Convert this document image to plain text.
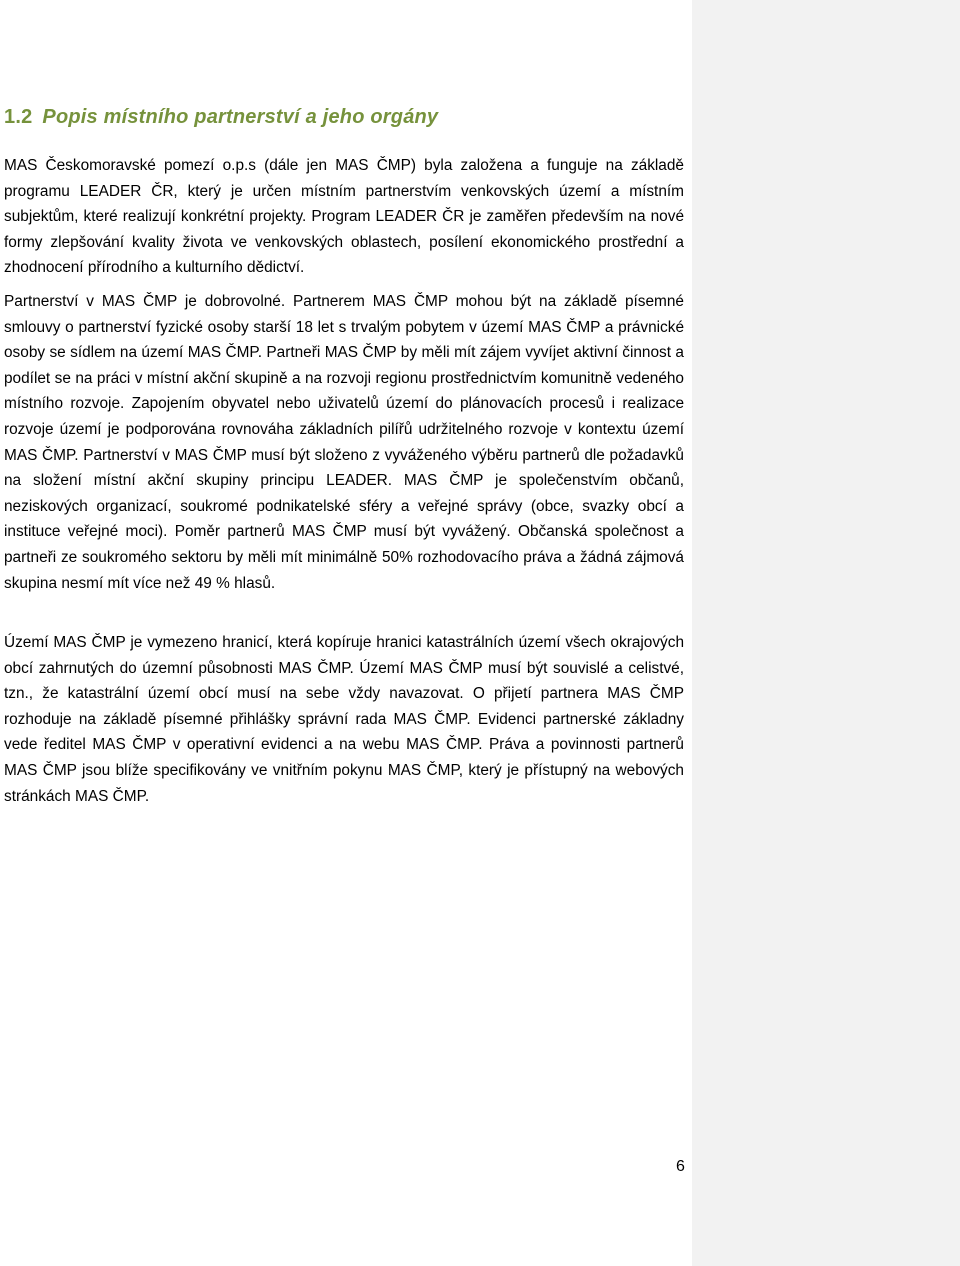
1.2 Popis místního partnerství a jeho orgány

MAS Českomoravské pomezí o.p.s (dále jen MAS ČMP) byla založena a funguje na základě programu LEADER ČR, který je určen místním partnerstvím venkovských území a místním subjektům, které realizují konkrétní projekty. Program LEADER ČR je zaměřen především na nové formy zlepšování kvality života ve venkovských oblastech, posílení ekonomického prostřední a zhodnocení přírodního a kulturního dědictví.

Partnerství v MAS ČMP je dobrovolné. Partnerem MAS ČMP mohou být na základě písemné smlouvy o partnerství fyzické osoby starší 18 let s trvalým pobytem v území MAS ČMP a právnické osoby se sídlem na území MAS ČMP. Partneři MAS ČMP by měli mít zájem vyvíjet aktivní činnost a podílet se na práci v místní akční skupině a na rozvoji regionu prostřednictvím komunitně vedeného místního rozvoje. Zapojením obyvatel nebo uživatelů území do plánovacích procesů i realizace rozvoje území je podporována rovnováha základních pilířů udržitelného rozvoje v kontextu území MAS ČMP. Partnerství v MAS ČMP musí být složeno z vyváženého výběru partnerů dle požadavků na složení místní akční skupiny principu LEADER. MAS ČMP je společenstvím občanů, neziskových organizací, soukromé podnikatelské sféry a veřejné správy (obce, svazky obcí a instituce veřejné moci). Poměr partnerů MAS ČMP musí být vyvážený. Občanská společnost a partneři ze soukromého sektoru by měli mít minimálně 50% rozhodovacího práva a žádná zájmová skupina nesmí mít více než 49 % hlasů.

Území MAS ČMP je vymezeno hranicí, která kopíruje hranici katastrálních území všech okrajových obcí zahrnutých do územní působnosti MAS ČMP. Území MAS ČMP musí být souvislé a celistvé, tzn., že katastrální území obcí musí na sebe vždy navazovat. O přijetí partnera MAS ČMP rozhoduje na základě písemné přihlášky správní rada MAS ČMP. Evidenci partnerské základny vede ředitel MAS ČMP v operativní evidenci a na webu MAS ČMP. Práva a povinnosti partnerů MAS ČMP jsou blíže specifikovány ve vnitřním pokynu MAS ČMP, který je přístupný na webových stránkách MAS ČMP.

6
